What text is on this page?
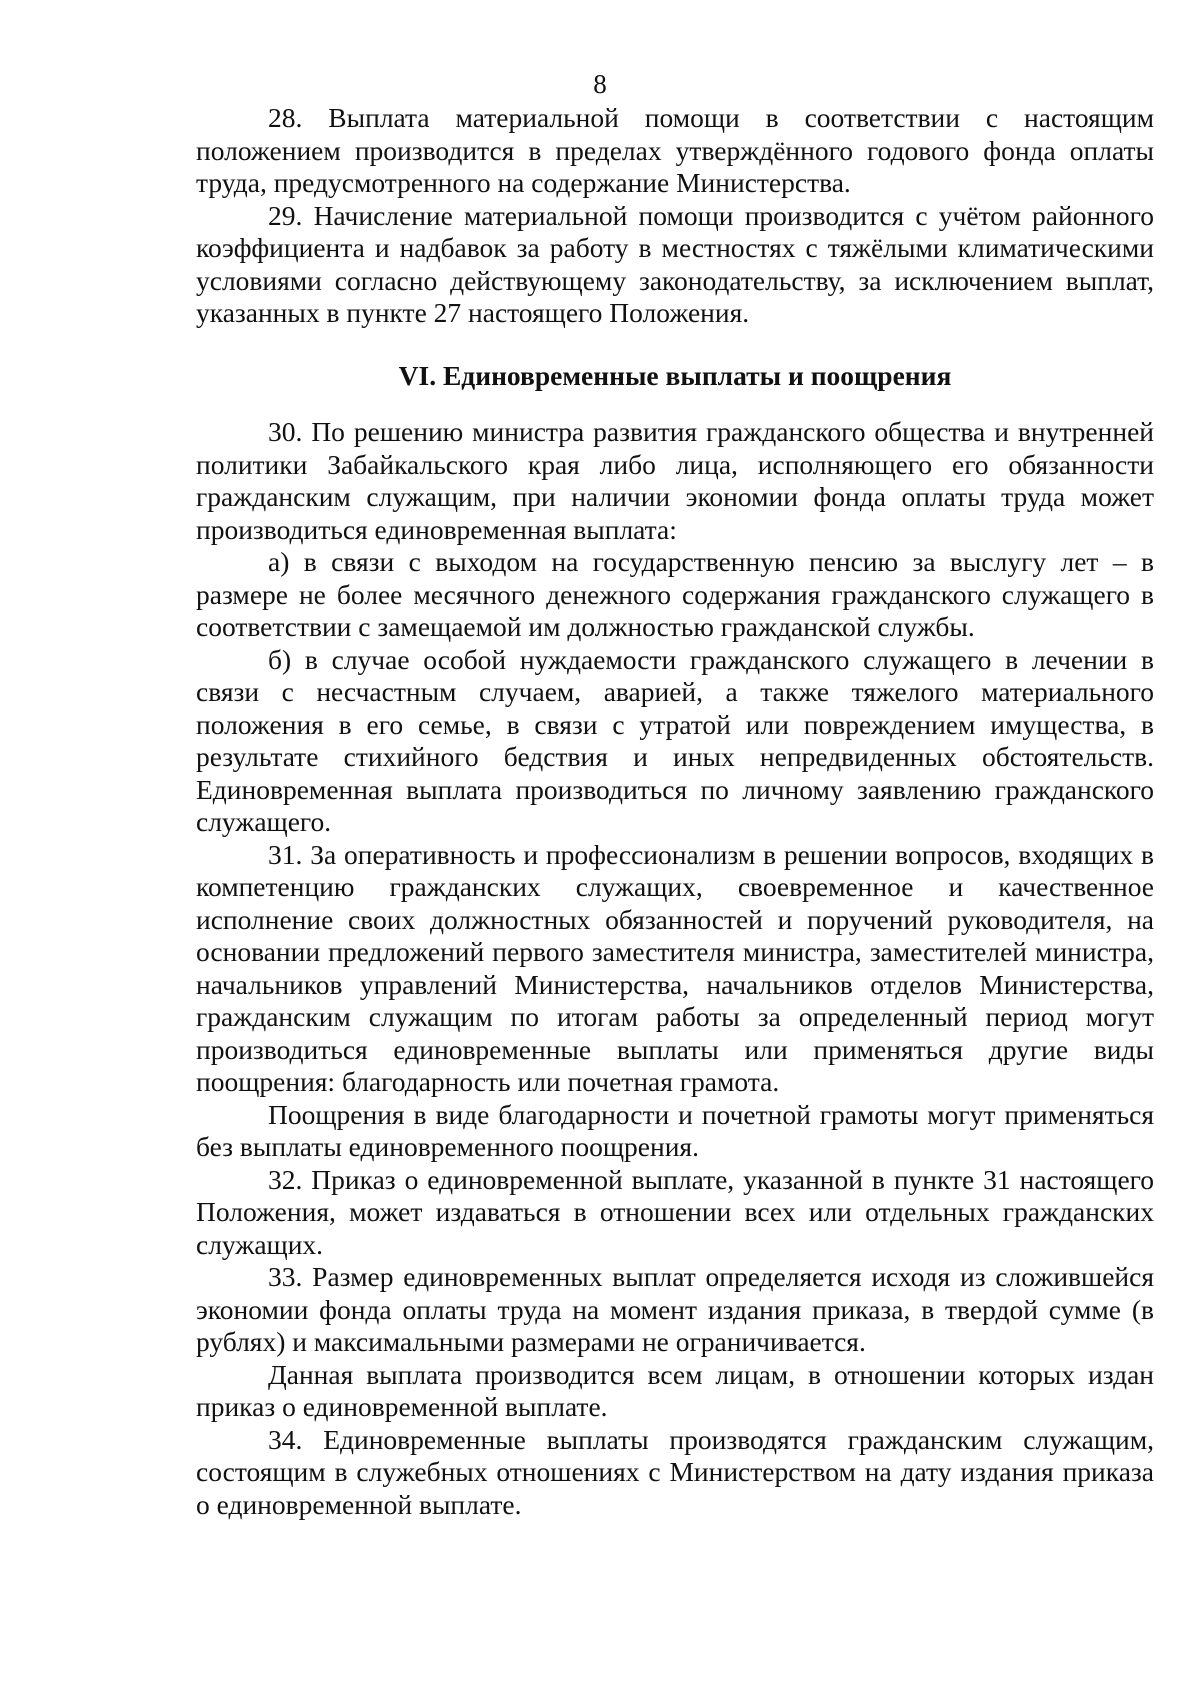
8

28. Выплата материальной помощи в соответствии с настоящим положением производится в пределах утверждённого годового фонда оплаты труда, предусмотренного на содержание Министерства.

29. Начисление материальной помощи производится с учётом районного коэффициента и надбавок за работу в местностях с тяжёлыми климатическими условиями согласно действующему законодательству, за исключением выплат, указанных в пункте 27 настоящего Положения.

VI. Единовременные выплаты и поощрения

30. По решению министра развития гражданского общества и внутренней политики Забайкальского края либо лица, исполняющего его обязанности гражданским служащим, при наличии экономии фонда оплаты труда может производиться единовременная выплата:

а) в связи с выходом на государственную пенсию за выслугу лет – в размере не более месячного денежного содержания гражданского служащего в соответствии с замещаемой им должностью гражданской службы.

б) в случае особой нуждаемости гражданского служащего в лечении в связи с несчастным случаем, аварией, а также тяжелого материального положения в его семье, в связи с утратой или повреждением имущества, в результате стихийного бедствия и иных непредвиденных обстоятельств. Единовременная выплата производиться по личному заявлению гражданского служащего.

31. За оперативность и профессионализм в решении вопросов, входящих в компетенцию гражданских служащих, своевременное и качественное исполнение своих должностных обязанностей и поручений руководителя, на основании предложений первого заместителя министра, заместителей министра, начальников управлений Министерства, начальников отделов Министерства, гражданским служащим по итогам работы за определенный период могут производиться единовременные выплаты или применяться другие виды поощрения: благодарность или почетная грамота.

Поощрения в виде благодарности и почетной грамоты могут применяться без выплаты единовременного поощрения.

32. Приказ о единовременной выплате, указанной в пункте 31 настоящего Положения, может издаваться в отношении всех или отдельных гражданских служащих.

33. Размер единовременных выплат определяется исходя из сложившейся экономии фонда оплаты труда на момент издания приказа, в твердой сумме (в рублях) и максимальными размерами не ограничивается.

Данная выплата производится всем лицам, в отношении которых издан приказ о единовременной выплате.

34. Единовременные выплаты производятся гражданским служащим, состоящим в служебных отношениях с Министерством на дату издания приказа о единовременной выплате.
